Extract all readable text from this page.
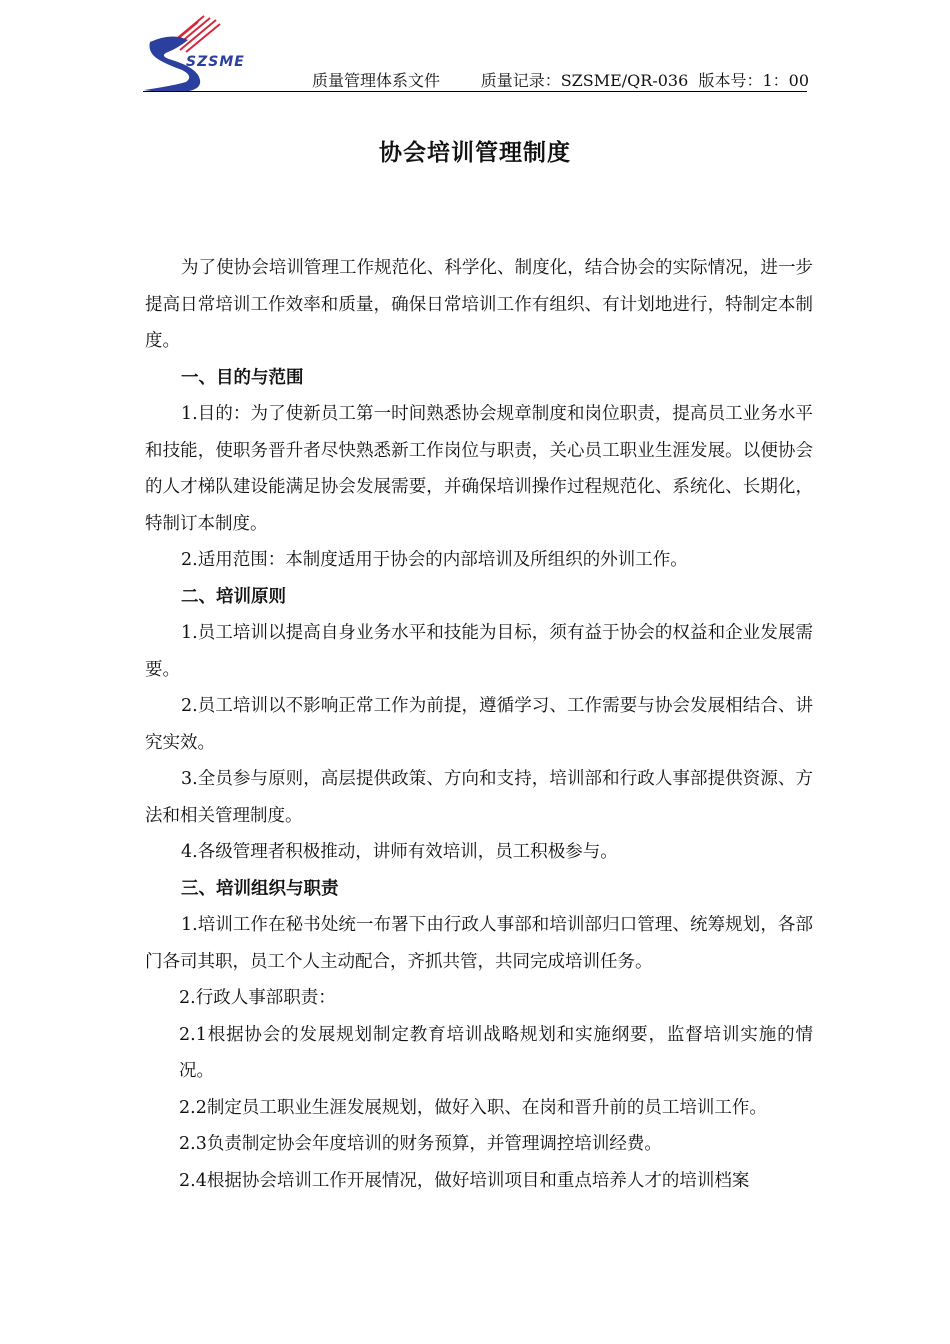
SZSME
质量管理体系文件        质量记录：SZSME/QR-036  版本号：1：00
协会培训管理制度

为了使协会培训管理工作规范化、科学化、制度化，结合协会的实际情况，进一步提高日常培训工作效率和质量，确保日常培训工作有组织、有计划地进行，特制定本制度。

一、目的与范围

1.目的：为了使新员工第一时间熟悉协会规章制度和岗位职责，提高员工业务水平和技能，使职务晋升者尽快熟悉新工作岗位与职责，关心员工职业生涯发展。以便协会的人才梯队建设能满足协会发展需要，并确保培训操作过程规范化、系统化、长期化，特制订本制度。

2.适用范围：本制度适用于协会的内部培训及所组织的外训工作。

二、培训原则

1.员工培训以提高自身业务水平和技能为目标，须有益于协会的权益和企业发展需要。

2.员工培训以不影响正常工作为前提，遵循学习、工作需要与协会发展相结合、讲究实效。

3.全员参与原则，高层提供政策、方向和支持，培训部和行政人事部提供资源、方法和相关管理制度。

4.各级管理者积极推动，讲师有效培训，员工积极参与。

三、培训组织与职责

1.培训工作在秘书处统一布署下由行政人事部和培训部归口管理、统筹规划，各部门各司其职，员工个人主动配合，齐抓共管，共同完成培训任务。

2.行政人事部职责：

2.1根据协会的发展规划制定教育培训战略规划和实施纲要，监督培训实施的情况。

2.2制定员工职业生涯发展规划，做好入职、在岗和晋升前的员工培训工作。

2.3负责制定协会年度培训的财务预算，并管理调控培训经费。

2.4根据协会培训工作开展情况，做好培训项目和重点培养人才的培训档案
